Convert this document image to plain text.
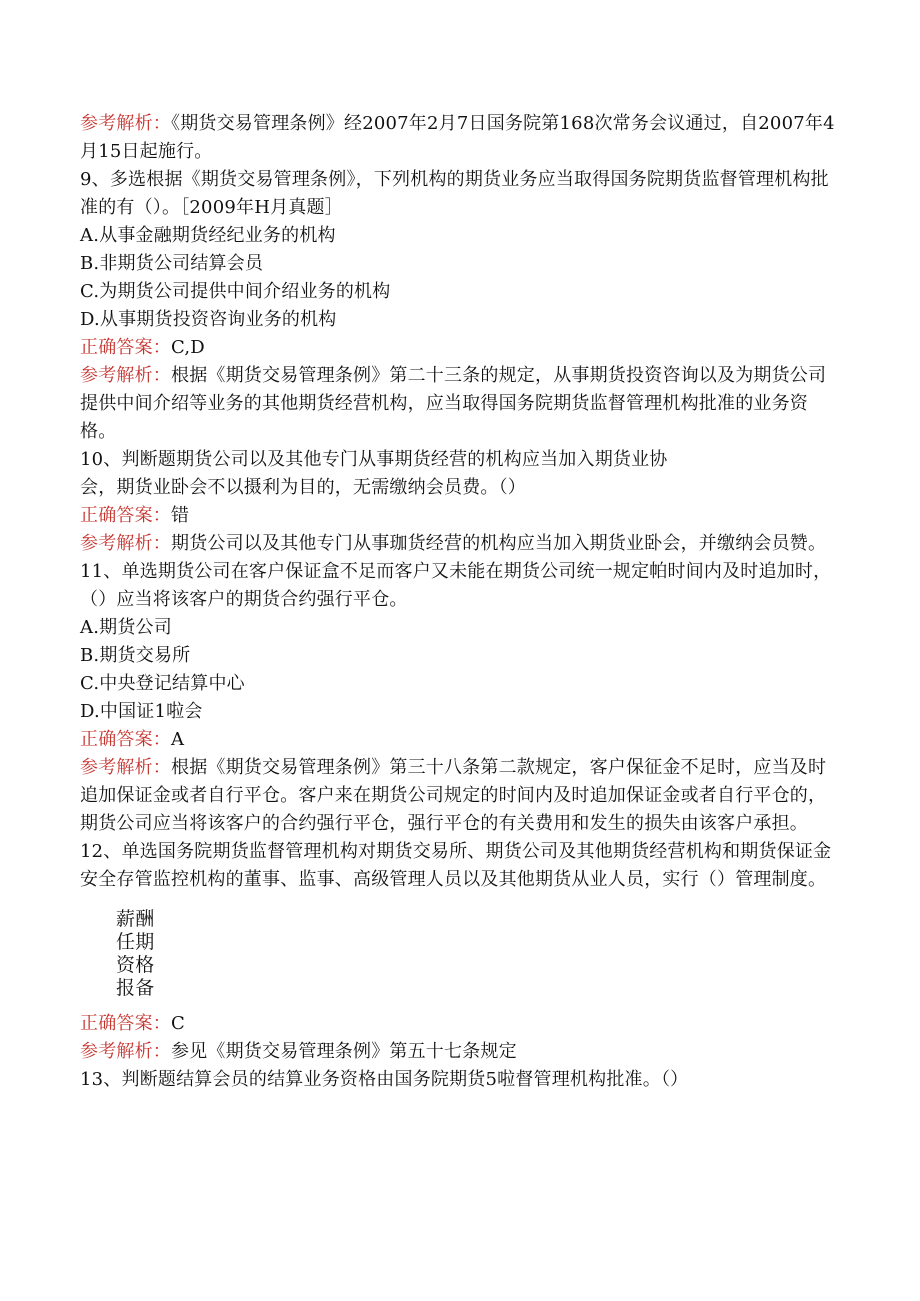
参考解析：《期货交易管理条例》经2007年2月7日国务院第168次常务会议通过，自2007年4月15日起施行。

9、多选根据《期货交易管理条例》，下列机构的期货业务应当取得国务院期货监督管理机构批准的有（）。［2009年H月真题］

A.从事金融期货经纪业务的机构

B.非期货公司结算会员

C.为期货公司提供中间介绍业务的机构

D.从事期货投资咨询业务的机构

正确答案：C,D

参考解析：根据《期货交易管理条例》第二十三条的规定，从事期货投资咨询以及为期货公司提供中间介绍等业务的其他期货经营机构，应当取得国务院期货监督管理机构批准的业务资格。

10、判断题期货公司以及其他专门从事期货经营的机构应当加入期货业协

会，期货业卧会不以摄利为目的，无需缴纳会员费。（）

正确答案：错

参考解析：期货公司以及其他专门从事珈货经营的机构应当加入期货业卧会，并缴纳会员赞。

11、单选期货公司在客户保证盒不足而客户又未能在期货公司统一规定帕时间内及时追加时，（）应当将该客户的期货合约强行平仓。

A.期货公司

B.期货交易所

C.中央登记结算中心

D.中国证1啦会

正确答案：A

参考解析：根据《期货交易管理条例》第三十八条第二款规定，客户保征金不足时，应当及时追加保证金或者自行平仓。客户来在期货公司规定的时间内及时追加保证金或者自行平仓的，期货公司应当将该客户的合约强行平仓，强行平仓的有关费用和发生的损失由该客户承担。

12、单选国务院期货监督管理机构对期货交易所、期货公司及其他期货经营机构和期货保证金安全存管监控机构的董事、监事、高级管理人员以及其他期货从业人员，实行（）管理制度。

薪酬
任期
资格
报备

正确答案：C

参考解析：参见《期货交易管理条例》第五十七条规定

13、判断题结算会员的结算业务资格由国务院期货5啦督管理机构批准。（）
